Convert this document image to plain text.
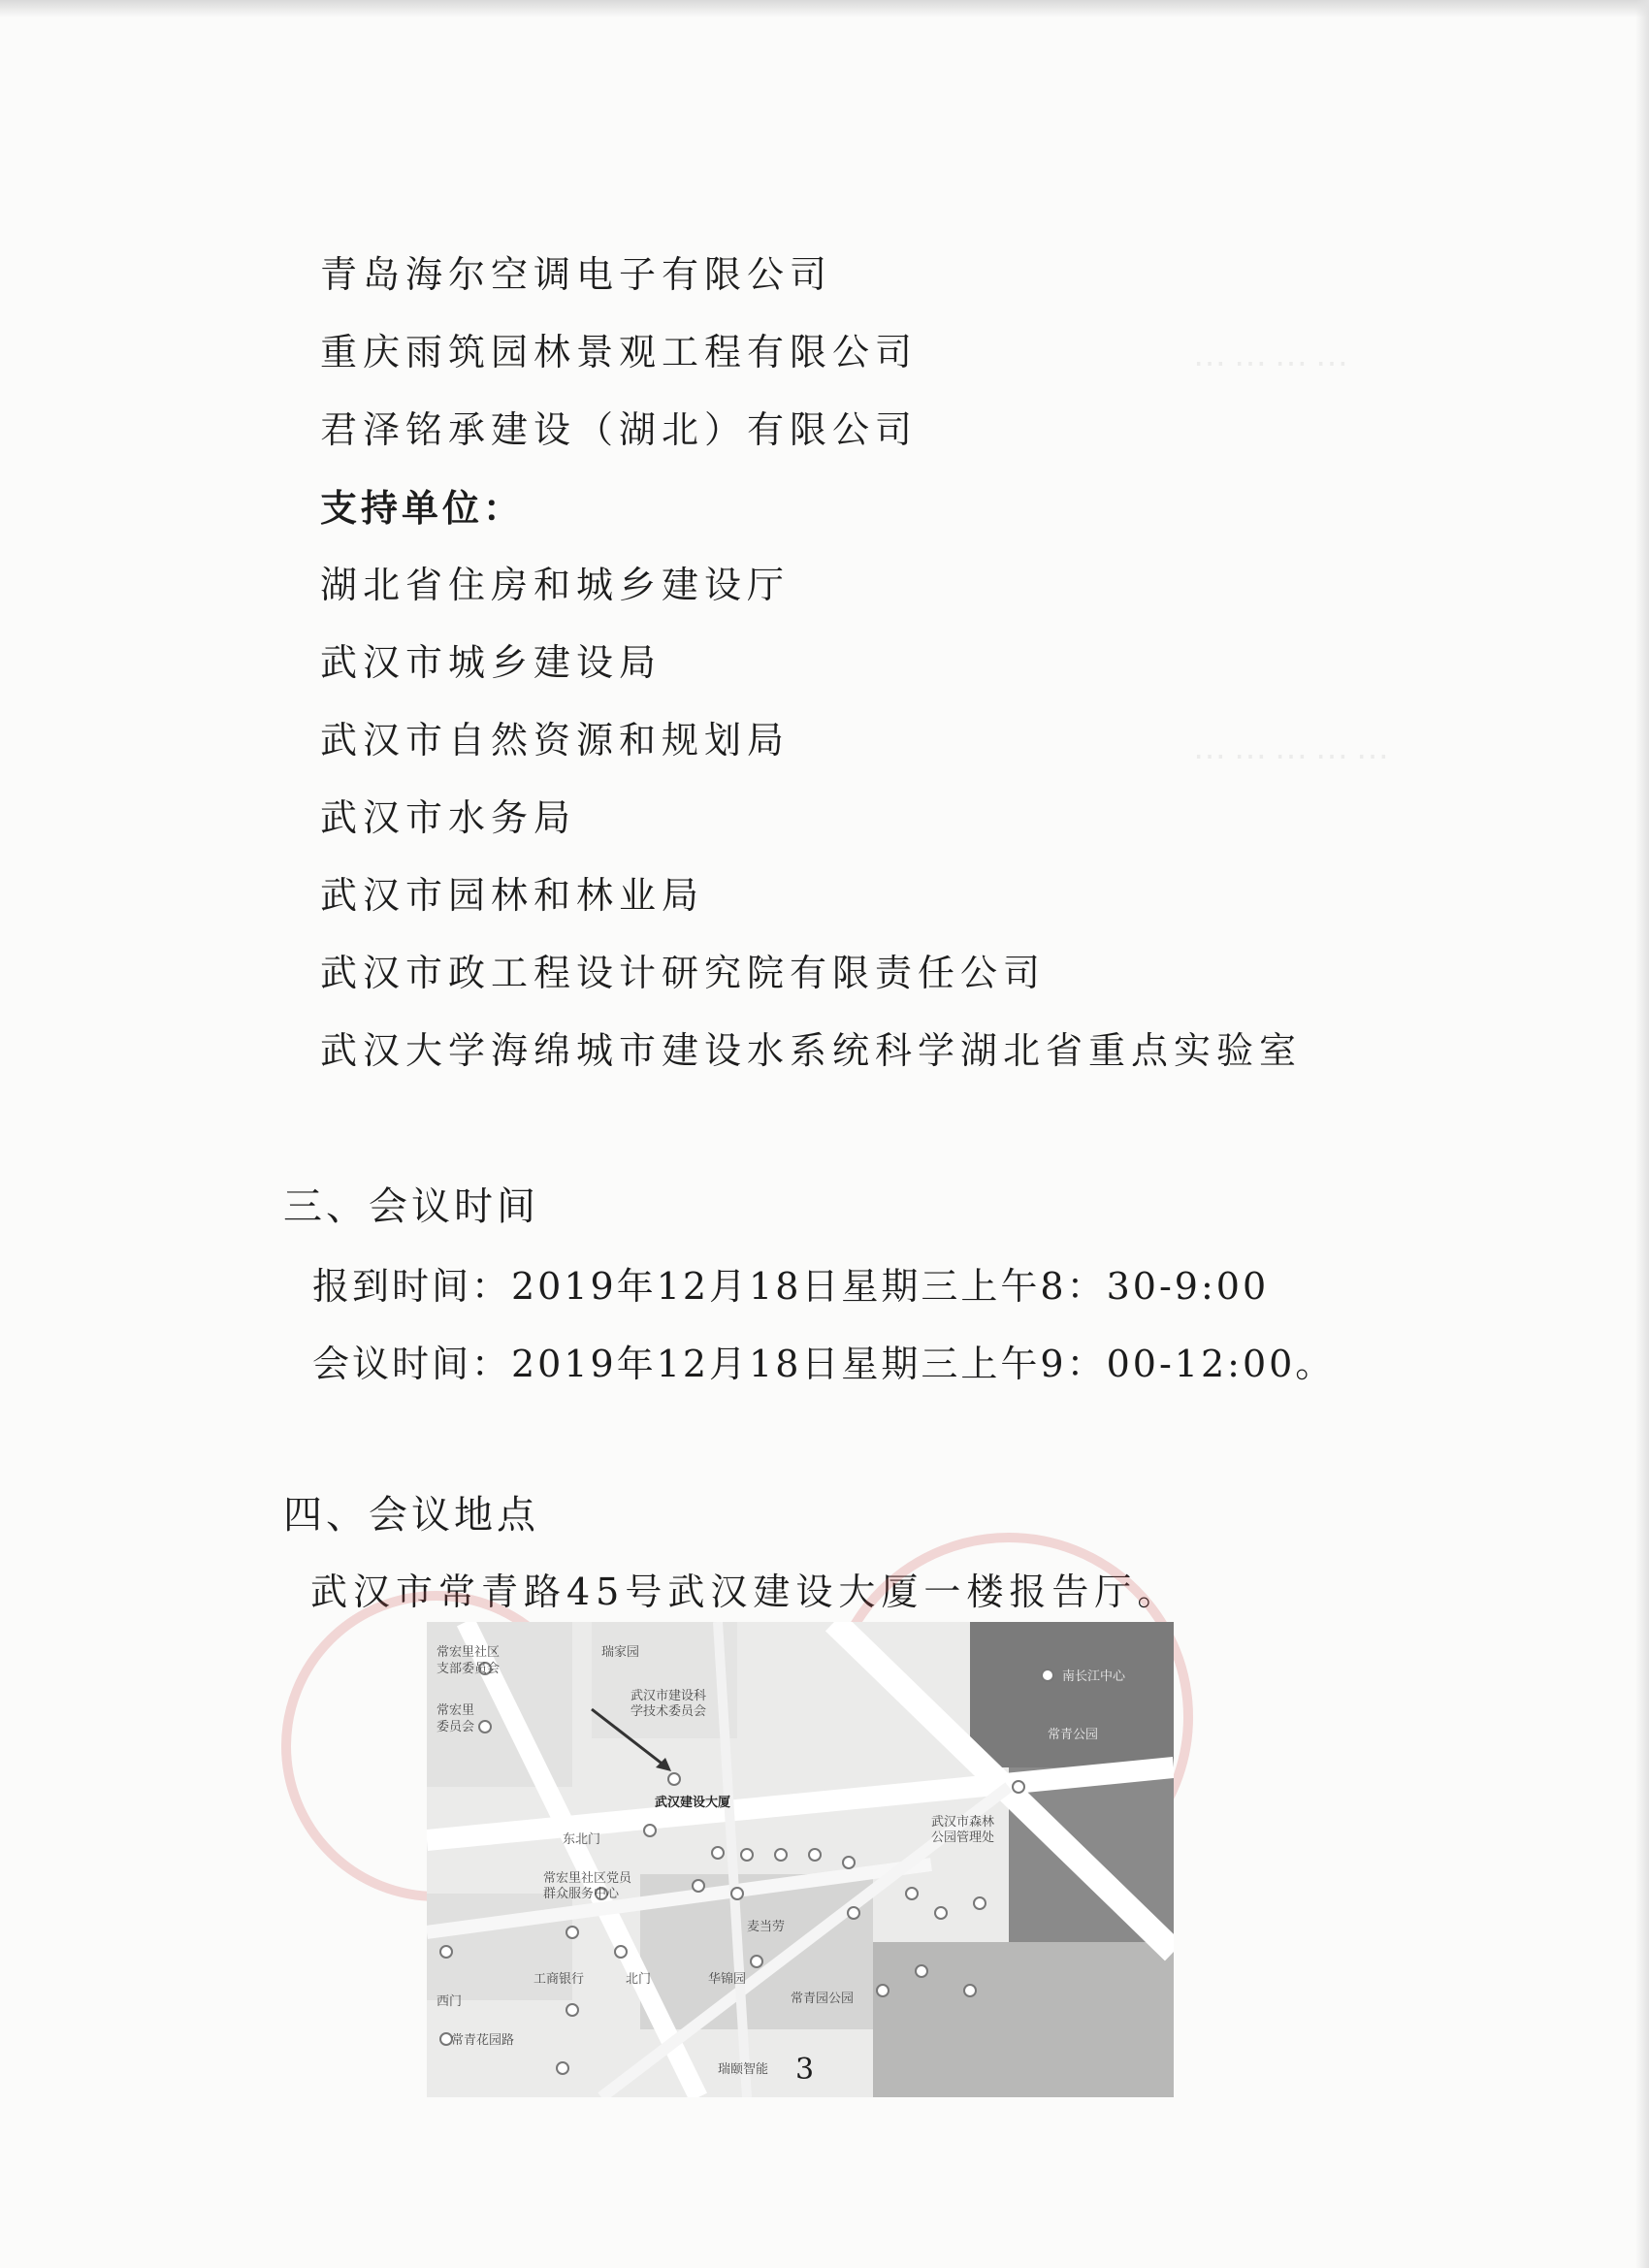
⋯⋯⋯⋯
⋯⋯⋯⋯⋯
青岛海尔空调电子有限公司
重庆雨筑园林景观工程有限公司
君泽铭承建设（湖北）有限公司
支持单位：
湖北省住房和城乡建设厅
武汉市城乡建设局
武汉市自然资源和规划局
武汉市水务局
武汉市园林和林业局
武汉市政工程设计研究院有限责任公司
武汉大学海绵城市建设水系统科学湖北省重点实验室
三、会议时间
报到时间：2019年12月18日星期三上午8：30-9:00
会议时间：2019年12月18日星期三上午9：00-12:00。
四、会议地点
武汉市常青路45号武汉建设大厦一楼报告厅。
常宏里社区
支部委员会
常宏里
委员会
瑞家园
武汉市建设科
学技术委员会
武汉建设大厦
东北门
常宏里社区党员
群众服务中心
麦当劳
工商银行	北门	华锦园
常青园公园
西门
常青花园路
瑞颐智能
南长江中心
武汉市森林
公园管理处
常青公园
3
